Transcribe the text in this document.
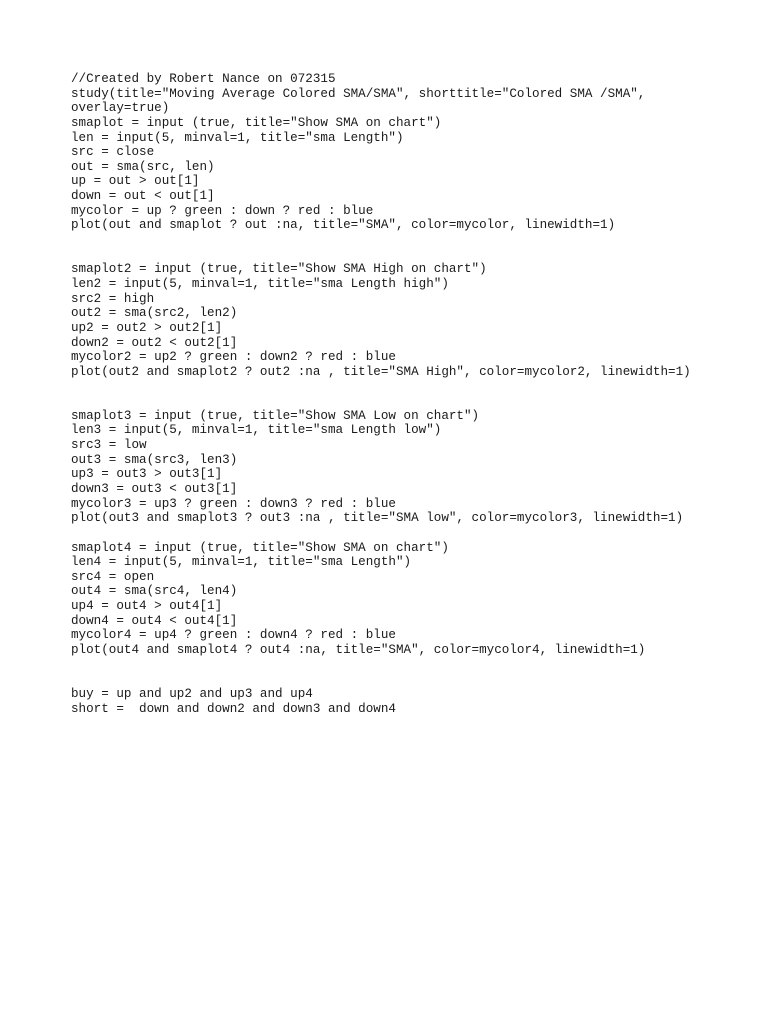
//Created by Robert Nance on 072315
study(title="Moving Average Colored SMA/SMA", shorttitle="Colored SMA /SMA",
overlay=true)
smaplot = input (true, title="Show SMA on chart")
len = input(5, minval=1, title="sma Length")
src = close
out = sma(src, len)
up = out > out[1]
down = out < out[1]
mycolor = up ? green : down ? red : blue
plot(out and smaplot ? out :na, title="SMA", color=mycolor, linewidth=1)
smaplot2 = input (true, title="Show SMA High on chart")
len2 = input(5, minval=1, title="sma Length high")
src2 = high
out2 = sma(src2, len2)
up2 = out2 > out2[1]
down2 = out2 < out2[1]
mycolor2 = up2 ? green : down2 ? red : blue
plot(out2 and smaplot2 ? out2 :na , title="SMA High", color=mycolor2, linewidth=1)
smaplot3 = input (true, title="Show SMA Low on chart")
len3 = input(5, minval=1, title="sma Length low")
src3 = low
out3 = sma(src3, len3)
up3 = out3 > out3[1]
down3 = out3 < out3[1]
mycolor3 = up3 ? green : down3 ? red : blue
plot(out3 and smaplot3 ? out3 :na , title="SMA low", color=mycolor3, linewidth=1)
smaplot4 = input (true, title="Show SMA on chart")
len4 = input(5, minval=1, title="sma Length")
src4 = open
out4 = sma(src4, len4)
up4 = out4 > out4[1]
down4 = out4 < out4[1]
mycolor4 = up4 ? green : down4 ? red : blue
plot(out4 and smaplot4 ? out4 :na, title="SMA", color=mycolor4, linewidth=1)
buy = up and up2 and up3 and up4
short =  down and down2 and down3 and down4
